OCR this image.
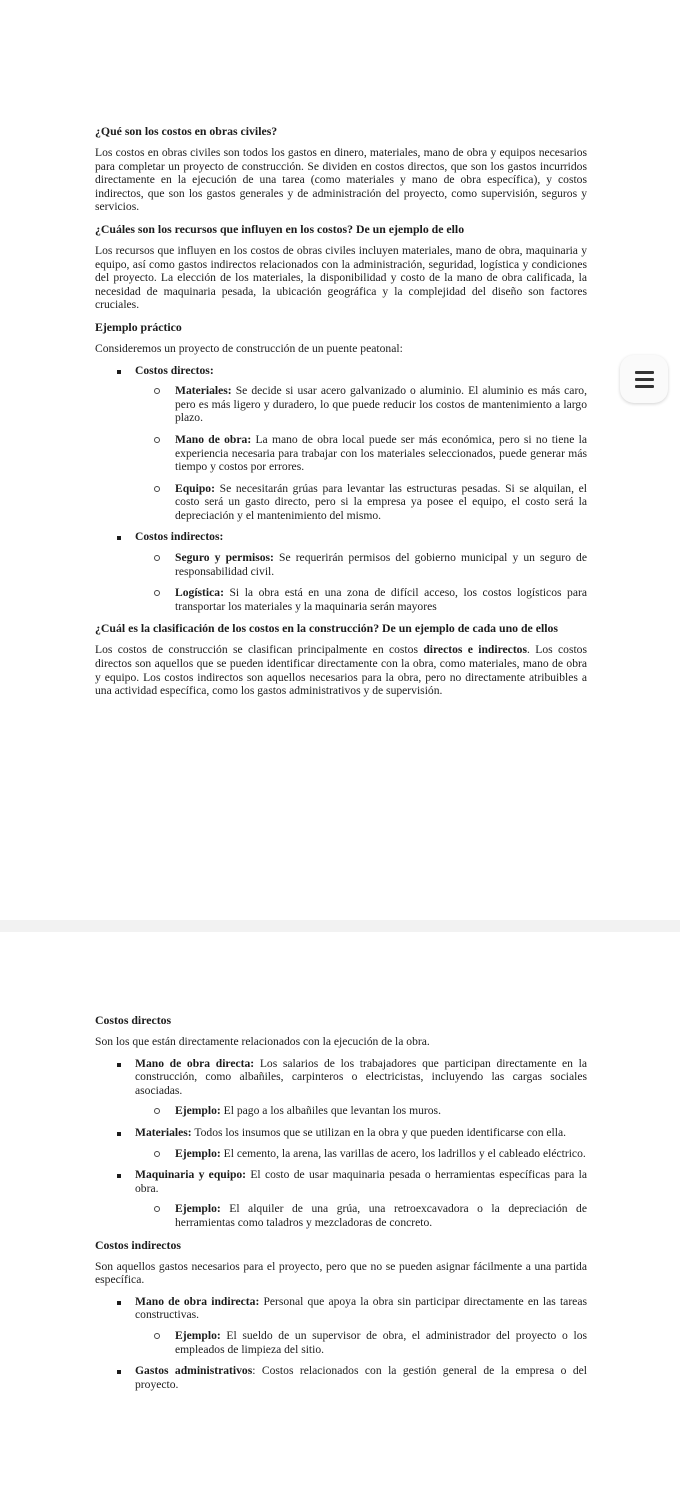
¿Qué son los costos en obras civiles?

Los costos en obras civiles son todos los gastos en dinero, materiales, mano de obra y equipos necesarios para completar un proyecto de construcción. Se dividen en costos directos, que son los gastos incurridos directamente en la ejecución de una tarea (como materiales y mano de obra específica), y costos indirectos, que son los gastos generales y de administración del proyecto, como supervisión, seguros y servicios.

¿Cuáles son los recursos que influyen en los costos? De un ejemplo de ello

Los recursos que influyen en los costos de obras civiles incluyen materiales, mano de obra, maquinaria y equipo, así como gastos indirectos relacionados con la administración, seguridad, logística y condiciones del proyecto. La elección de los materiales, la disponibilidad y costo de la mano de obra calificada, la necesidad de maquinaria pesada, la ubicación geográfica y la complejidad del diseño son factores cruciales.

Ejemplo práctico

Consideremos un proyecto de construcción de un puente peatonal:

Costos directos:
Materiales: Se decide si usar acero galvanizado o aluminio. El aluminio es más caro, pero es más ligero y duradero, lo que puede reducir los costos de mantenimiento a largo plazo.
Mano de obra: La mano de obra local puede ser más económica, pero si no tiene la experiencia necesaria para trabajar con los materiales seleccionados, puede generar más tiempo y costos por errores.
Equipo: Se necesitarán grúas para levantar las estructuras pesadas. Si se alquilan, el costo será un gasto directo, pero si la empresa ya posee el equipo, el costo será la depreciación y el mantenimiento del mismo.
Costos indirectos:
Seguro y permisos: Se requerirán permisos del gobierno municipal y un seguro de responsabilidad civil.
Logística: Si la obra está en una zona de difícil acceso, los costos logísticos para transportar los materiales y la maquinaria serán mayores
¿Cuál es la clasificación de los costos en la construcción? De un ejemplo de cada uno de ellos

Los costos de construcción se clasifican principalmente en costos directos e indirectos. Los costos directos son aquellos que se pueden identificar directamente con la obra, como materiales, mano de obra y equipo. Los costos indirectos son aquellos necesarios para la obra, pero no directamente atribuibles a una actividad específica, como los gastos administrativos y de supervisión.

Costos directos

Son los que están directamente relacionados con la ejecución de la obra.

Mano de obra directa: Los salarios de los trabajadores que participan directamente en la construcción, como albañiles, carpinteros o electricistas, incluyendo las cargas sociales asociadas.
Ejemplo: El pago a los albañiles que levantan los muros.
Materiales: Todos los insumos que se utilizan en la obra y que pueden identificarse con ella.
Ejemplo: El cemento, la arena, las varillas de acero, los ladrillos y el cableado eléctrico.
Maquinaria y equipo: El costo de usar maquinaria pesada o herramientas específicas para la obra.
Ejemplo: El alquiler de una grúa, una retroexcavadora o la depreciación de herramientas como taladros y mezcladoras de concreto.
Costos indirectos

Son aquellos gastos necesarios para el proyecto, pero que no se pueden asignar fácilmente a una partida específica.

Mano de obra indirecta: Personal que apoya la obra sin participar directamente en las tareas constructivas.
Ejemplo: El sueldo de un supervisor de obra, el administrador del proyecto o los empleados de limpieza del sitio.
Gastos administrativos: Costos relacionados con la gestión general de la empresa o del proyecto.
